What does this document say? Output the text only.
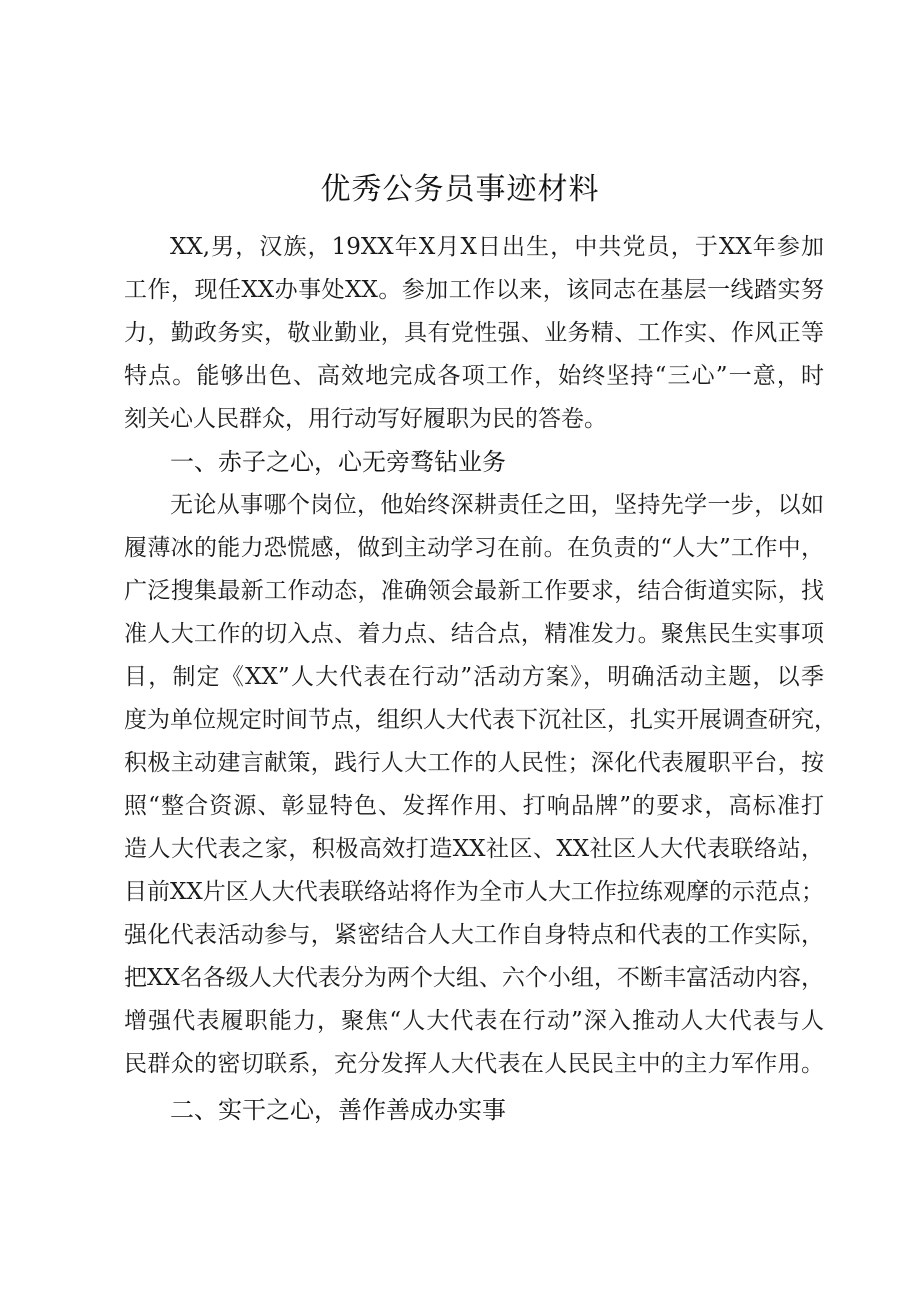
优秀公务员事迹材料
XX,男，汉族，19XX年X月X日出生，中共党员，于XX年参加
工作，现任XX办事处XX。参加工作以来，该同志在基层一线踏实努
力，勤政务实，敬业勤业，具有党性强、业务精、工作实、作风正等
特点。能够出色、高效地完成各项工作，始终坚持“三心”一意，时
刻关心人民群众，用行动写好履职为民的答卷。
一、赤子之心，心无旁骛钻业务
无论从事哪个岗位，他始终深耕责任之田，坚持先学一步，以如
履薄冰的能力恐慌感，做到主动学习在前。在负责的“人大”工作中，
广泛搜集最新工作动态，准确领会最新工作要求，结合街道实际，找
准人大工作的切入点、着力点、结合点，精准发力。聚焦民生实事项
目，制定《XX”人大代表在行动”活动方案》，明确活动主题，以季
度为单位规定时间节点，组织人大代表下沉社区，扎实开展调查研究，
积极主动建言献策，践行人大工作的人民性；深化代表履职平台，按
照“整合资源、彰显特色、发挥作用、打响品牌”的要求，高标准打
造人大代表之家，积极高效打造XX社区、XX社区人大代表联络站，
目前XX片区人大代表联络站将作为全市人大工作拉练观摩的示范点；
强化代表活动参与，紧密结合人大工作自身特点和代表的工作实际，
把XX名各级人大代表分为两个大组、六个小组，不断丰富活动内容，
增强代表履职能力，聚焦“人大代表在行动”深入推动人大代表与人
民群众的密切联系，充分发挥人大代表在人民民主中的主力军作用。
二、实干之心，善作善成办实事
